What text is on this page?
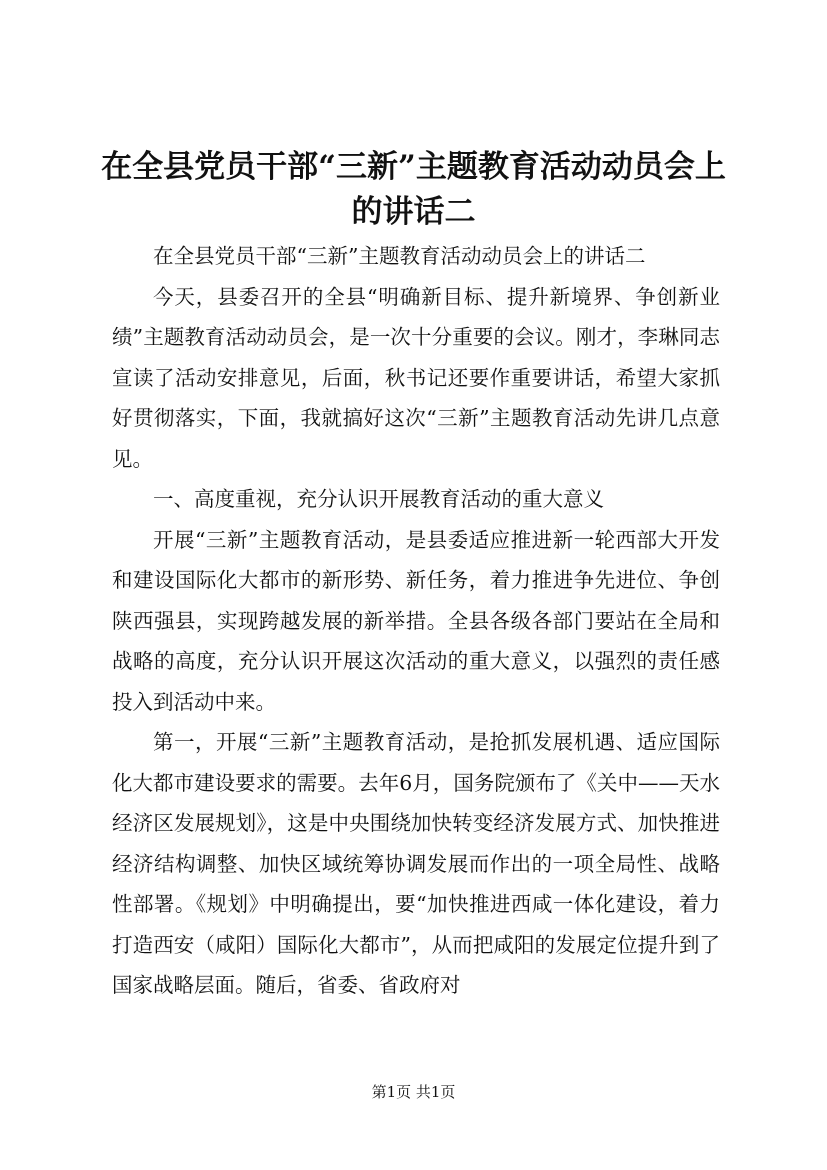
在全县党员干部“三新”主题教育活动动员会上的讲话二

在全县党员干部“三新”主题教育活动动员会上的讲话二

今天，县委召开的全县“明确新目标、提升新境界、争创新业绩”主题教育活动动员会，是一次十分重要的会议。刚才，李琳同志宣读了活动安排意见，后面，秋书记还要作重要讲话，希望大家抓好贯彻落实，下面，我就搞好这次“三新”主题教育活动先讲几点意见。

一、高度重视，充分认识开展教育活动的重大意义

开展“三新”主题教育活动，是县委适应推进新一轮西部大开发和建设国际化大都市的新形势、新任务，着力推进争先进位、争创陕西强县，实现跨越发展的新举措。全县各级各部门要站在全局和战略的高度，充分认识开展这次活动的重大意义，以强烈的责任感投入到活动中来。

第一，开展“三新”主题教育活动，是抢抓发展机遇、适应国际化大都市建设要求的需要。去年6月，国务院颁布了《关中——天水经济区发展规划》，这是中央围绕加快转变经济发展方式、加快推进经济结构调整、加快区域统筹协调发展而作出的一项全局性、战略性部署。《规划》中明确提出，要“加快推进西咸一体化建设，着力打造西安（咸阳）国际化大都市”，从而把咸阳的发展定位提升到了国家战略层面。随后，省委、省政府对

第1页 共1页
